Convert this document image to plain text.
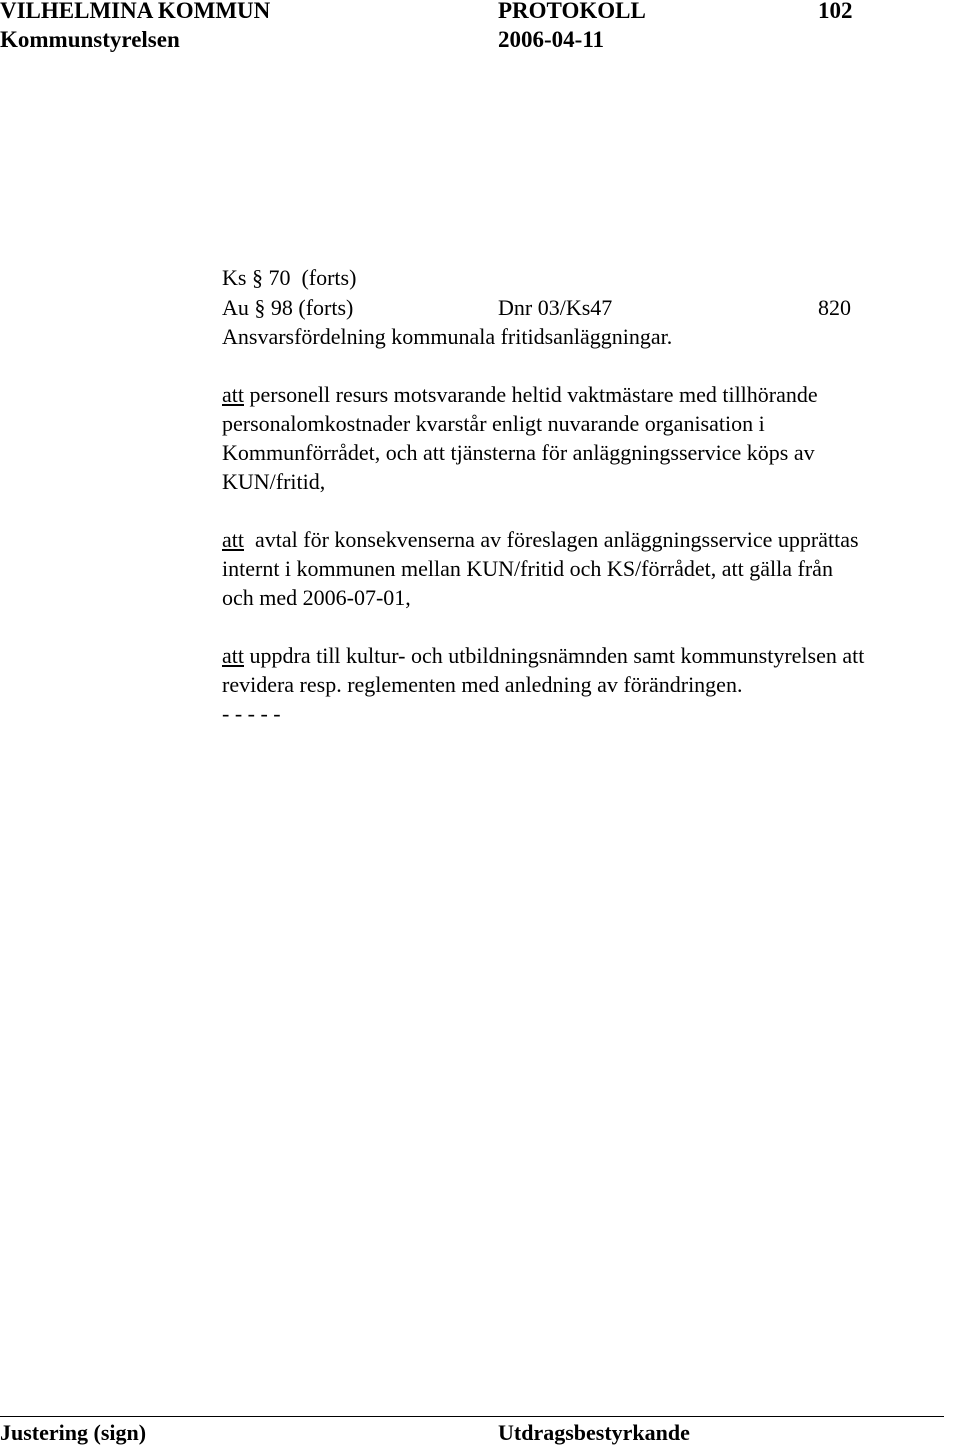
VILHELMINA KOMMUN	PROTOKOLL	102
Kommunstyrelsen	2006-04-11
Ks § 70  (forts)
Au § 98 (forts)	Dnr 03/Ks47	820
Ansvarsfördelning kommunala fritidsanläggningar.
att personell resurs motsvarande heltid vaktmästare med tillhörande
personalomkostnader kvarstår enligt nuvarande organisation i
Kommunförrådet, och att tjänsterna för anläggningsservice köps av
KUN/fritid,
att  avtal för konsekvenserna av föreslagen anläggningsservice upprättas
internt i kommunen mellan KUN/fritid och KS/förrådet, att gälla från
och med 2006-07-01,
att uppdra till kultur- och utbildningsnämnden samt kommunstyrelsen att
revidera resp. reglementen med anledning av förändringen.
- - - - -
Justering (sign)	Utdragsbestyrkande
